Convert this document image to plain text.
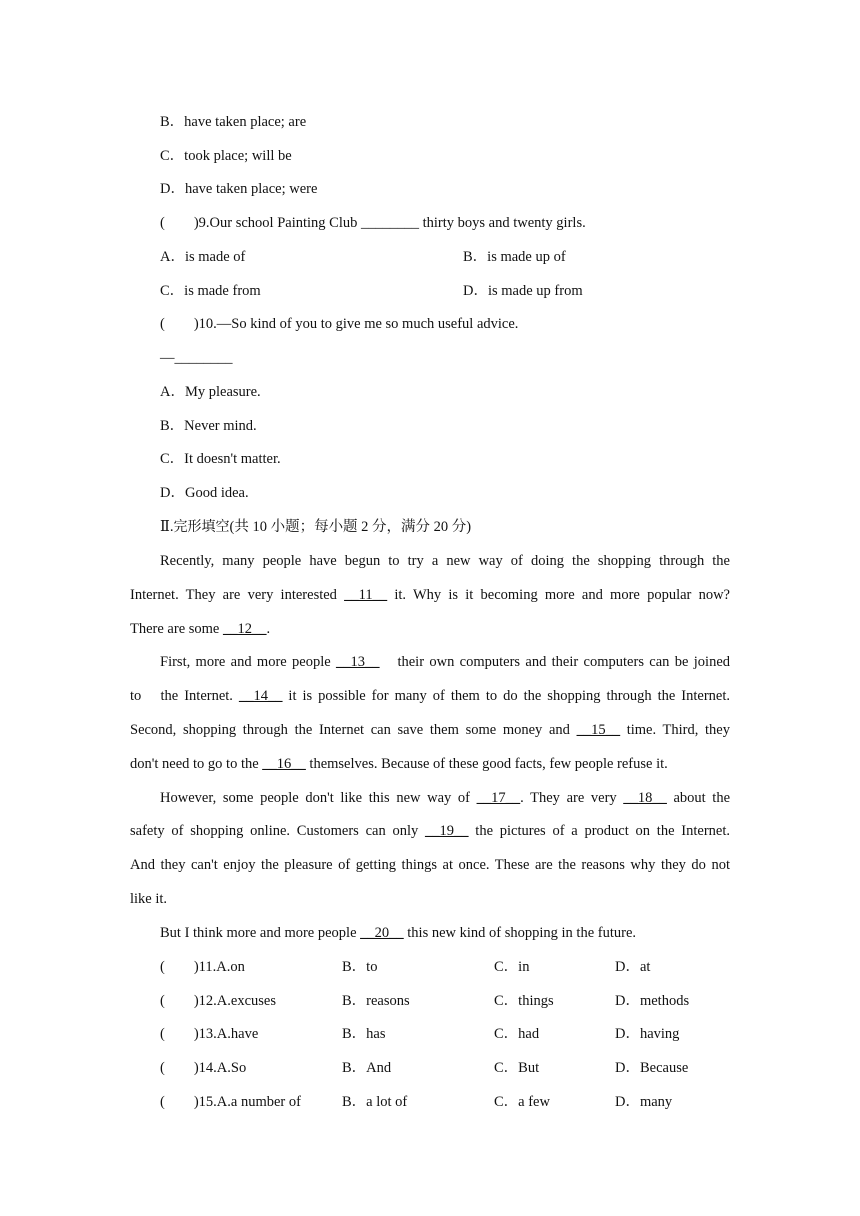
B．have taken place; are
C．took place; will be
D．have taken place; were
(　　)9.Our school Painting Club ________ thirty boys and twenty girls.
A．is made of	B．is made up of
C．is made from	D．is made up from
(　　)10.—So kind of you to give me so much useful advice.
—________
A．My pleasure.
B．Never mind.
C．It doesn't matter.
D．Good idea.
Ⅱ.完形填空(共 10 小题；每小题 2 分，满分 20 分)
Recently, many people have begun to try a new way of doing the shopping through the
Internet. They are very interested __11__ it. Why is it becoming more and more popular now?
There are some __12__.
First, more and more people __13__　their own computers and their computers can be joined
to　the Internet. __14__ it is possible for many of them to do the shopping through the Internet.
Second, shopping through the Internet can save them some money and __15__ time. Third, they
don't need to go to the __16__ themselves. Because of these good facts, few people refuse it.
However, some people don't like this new way of __17__. They are very __18__ about the
safety of shopping online. Customers can only __19__ the pictures of a product on the Internet.
And they can't enjoy the pleasure of getting things at once. These are the reasons why they do not
like it.
But I think more and more people __20__ this new kind of shopping in the future.
(　　)11.A.on	B．to	C．in	D．at
(　　)12.A.excuses	B．reasons	C．things	D．methods
(　　)13.A.have	B．has	C．had	D．having
(　　)14.A.So	B．And	C．But	D．Because
(　　)15.A.a number of	B．a lot of	C．a few	D．many
